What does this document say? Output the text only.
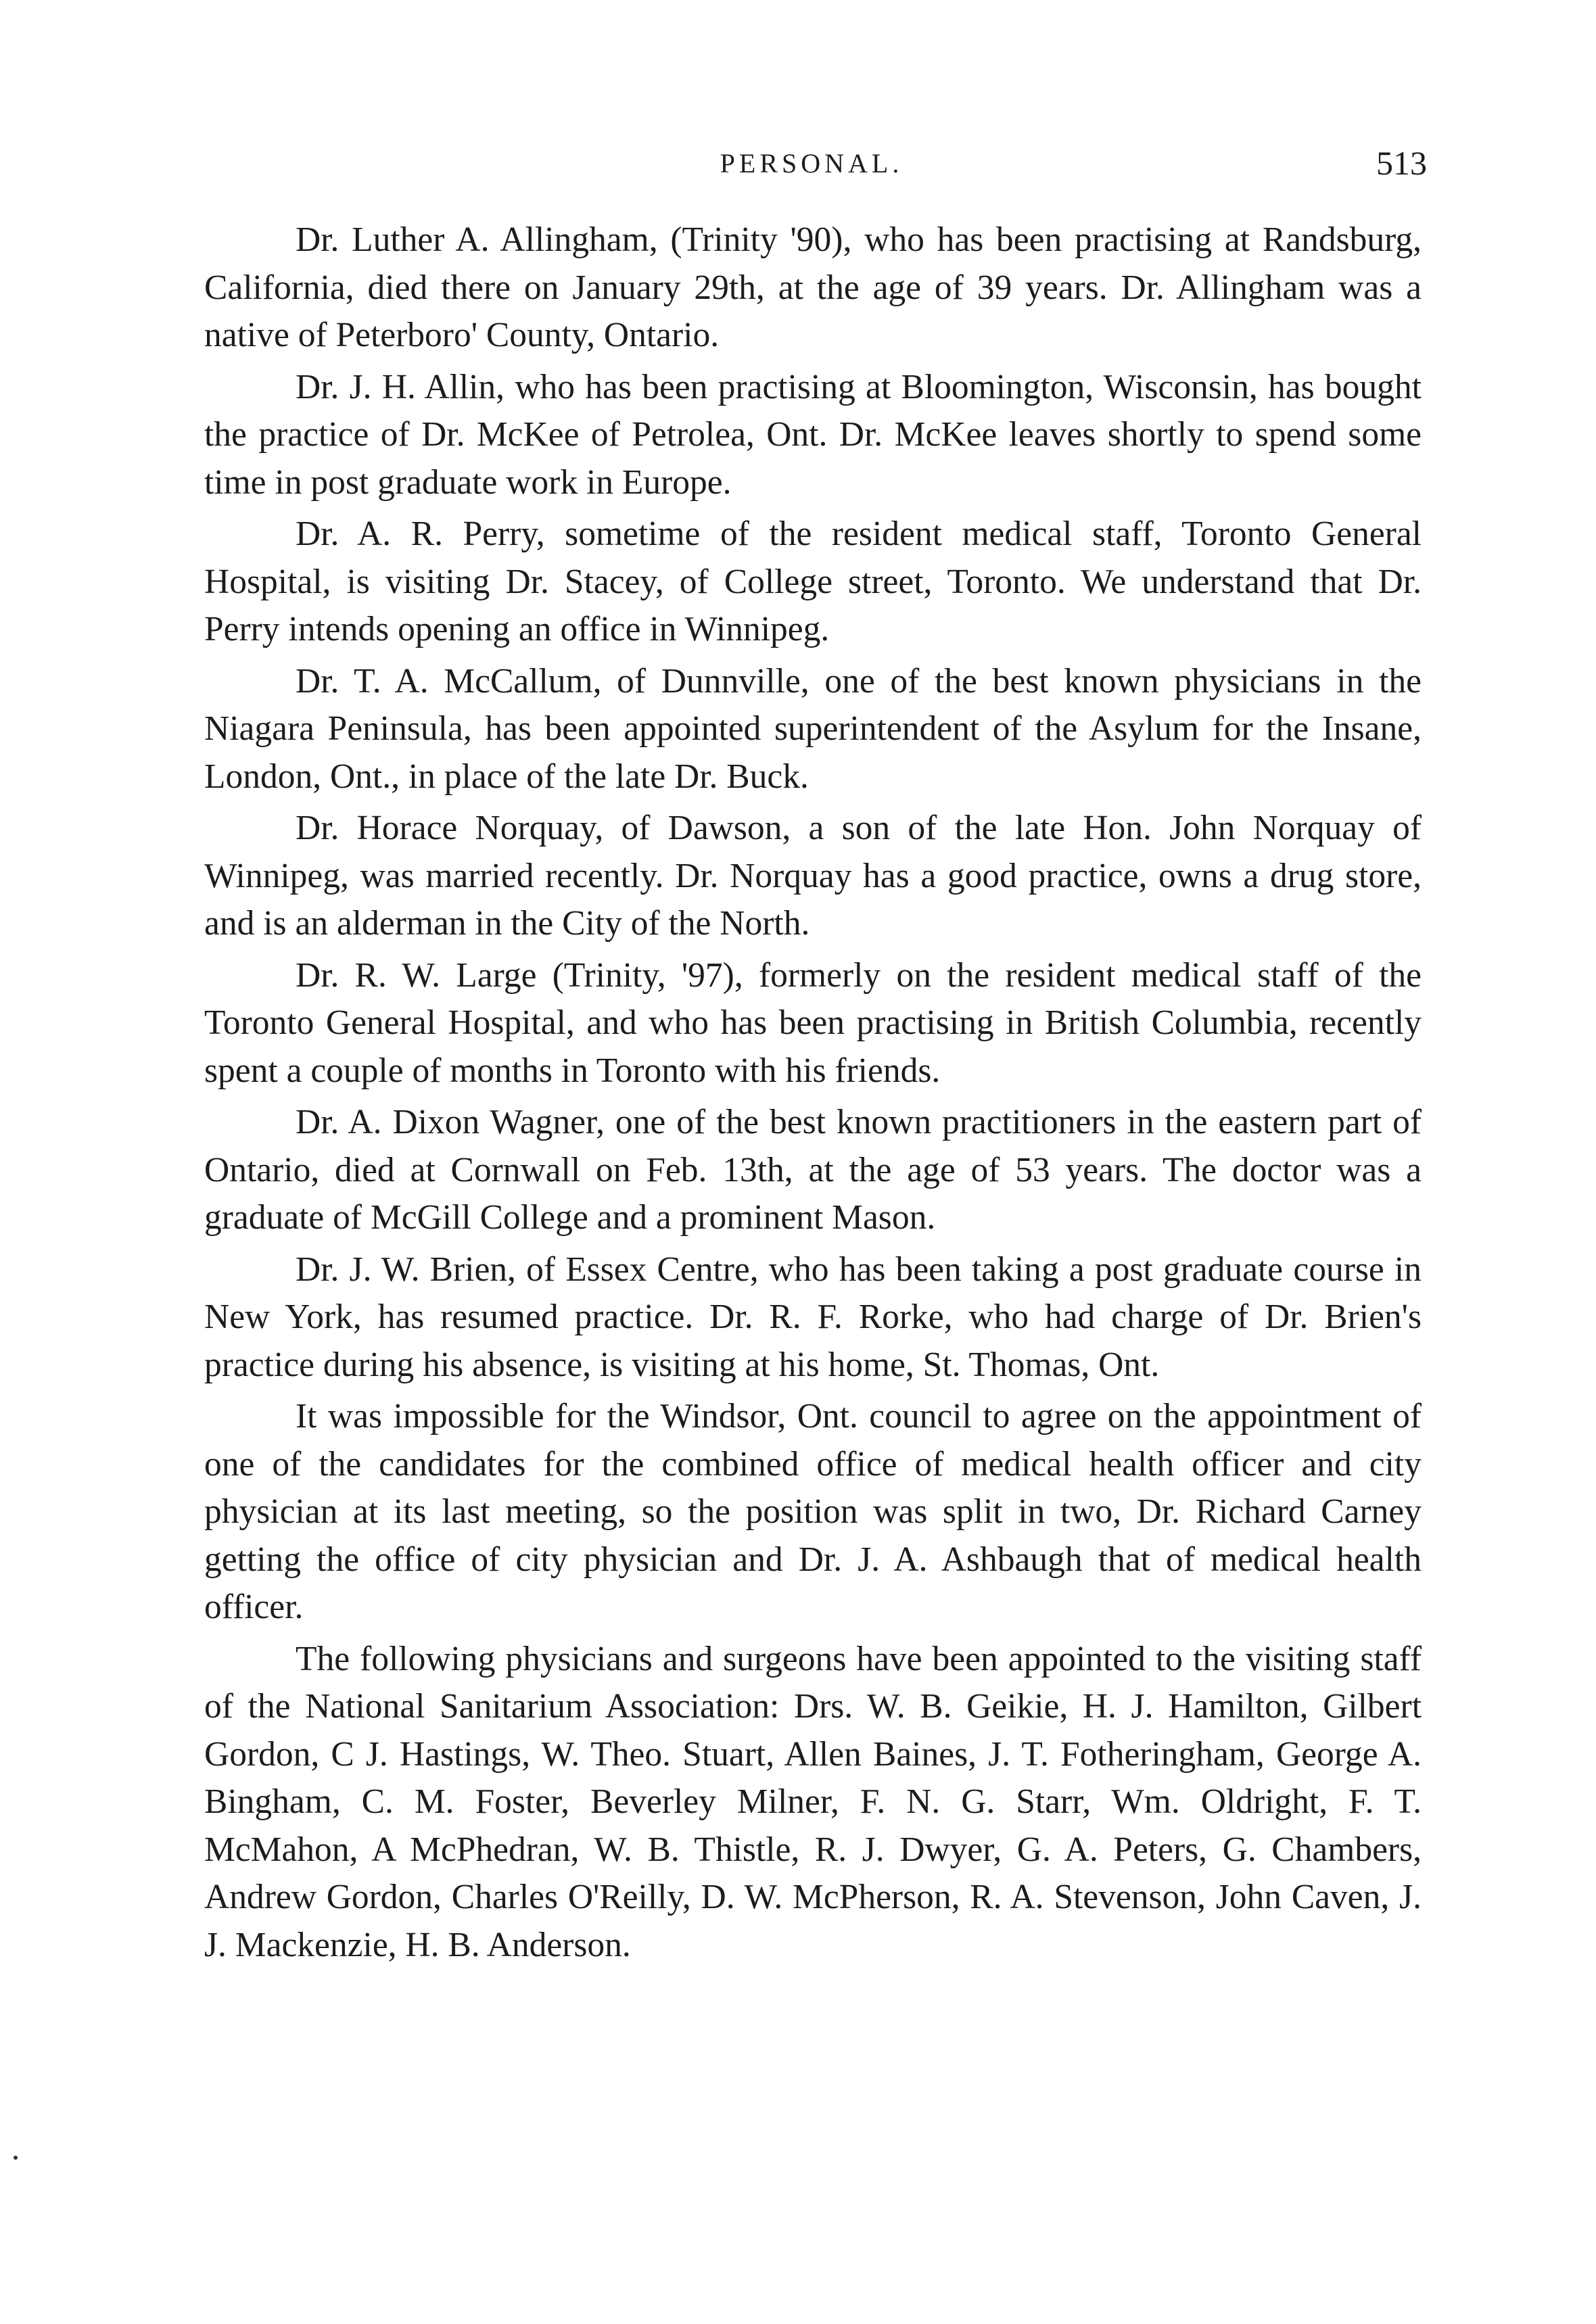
PERSONAL.	513

Dr. Luther A. Allingham, (Trinity '90), who has been practising at Randsburg, California, died there on January 29th, at the age of 39 years. Dr. Allingham was a native of Peterboro' County, Ontario.

Dr. J. H. Allin, who has been practising at Bloomington, Wisconsin, has bought the practice of Dr. McKee of Petrolea, Ont. Dr. McKee leaves shortly to spend some time in post graduate work in Europe.

Dr. A. R. Perry, sometime of the resident medical staff, Toronto General Hospital, is visiting Dr. Stacey, of College street, Toronto. We understand that Dr. Perry intends opening an office in Winnipeg.

Dr. T. A. McCallum, of Dunnville, one of the best known physicians in the Niagara Peninsula, has been appointed superintendent of the Asylum for the Insane, London, Ont., in place of the late Dr. Buck.

Dr. Horace Norquay, of Dawson, a son of the late Hon. John Norquay of Winnipeg, was married recently. Dr. Norquay has a good practice, owns a drug store, and is an alderman in the City of the North.

Dr. R. W. Large (Trinity, '97), formerly on the resident medical staff of the Toronto General Hospital, and who has been practising in British Columbia, recently spent a couple of months in Toronto with his friends.

Dr. A. Dixon Wagner, one of the best known practitioners in the eastern part of Ontario, died at Cornwall on Feb. 13th, at the age of 53 years. The doctor was a graduate of McGill College and a prominent Mason.

Dr. J. W. Brien, of Essex Centre, who has been taking a post graduate course in New York, has resumed practice. Dr. R. F. Rorke, who had charge of Dr. Brien's practice during his absence, is visiting at his home, St. Thomas, Ont.

It was impossible for the Windsor, Ont. council to agree on the appointment of one of the candidates for the combined office of medical health officer and city physician at its last meeting, so the position was split in two, Dr. Richard Carney getting the office of city physician and Dr. J. A. Ashbaugh that of medical health officer.

The following physicians and surgeons have been appointed to the visiting staff of the National Sanitarium Association: Drs. W. B. Geikie, H. J. Hamilton, Gilbert Gordon, C J. Hastings, W. Theo. Stuart, Allen Baines, J. T. Fotheringham, George A. Bingham, C. M. Foster, Beverley Milner, F. N. G. Starr, Wm. Oldright, F. T. McMahon, A McPhedran, W. B. Thistle, R. J. Dwyer, G. A. Peters, G. Chambers, Andrew Gordon, Charles O'Reilly, D. W. McPherson, R. A. Stevenson, John Caven, J. J. Mackenzie, H. B. Anderson.
